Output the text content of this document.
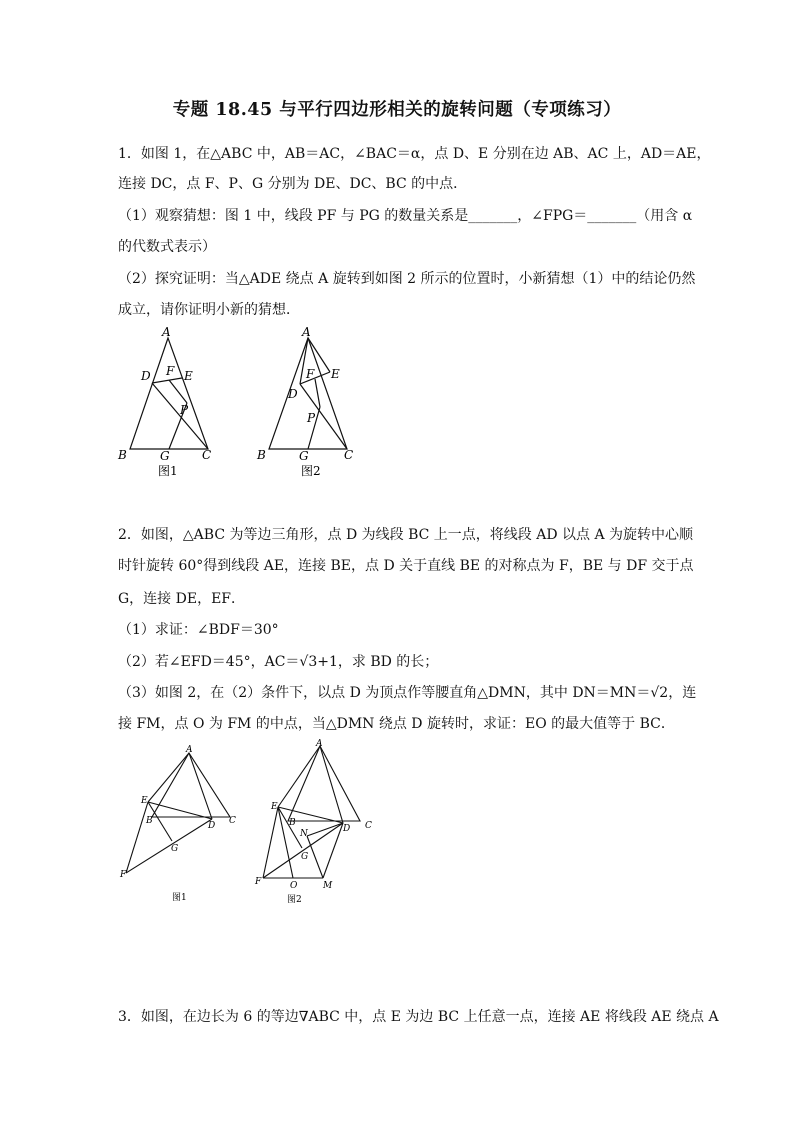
专题 18.45 与平行四边形相关的旋转问题（专项练习）
1．如图 1，在△ABC 中，AB＝AC，∠BAC＝α，点 D、E 分别在边 AB、AC 上，AD＝AE，
连接 DC，点 F、P、G 分别为 DE、DC、BC 的中点．
（1）观察猜想：图 1 中，线段 PF 与 PG 的数量关系是_______，∠FPG＝_______（用含 α
的代数式表示）
（2）探究证明：当△ADE 绕点 A 旋转到如图 2 所示的位置时，小新猜想（1）中的结论仍然
成立，请你证明小新的猜想．
A
D F E
P
B	G	C
图1
A
F E
D
P
B	G	C
图2
2．如图，△ABC 为等边三角形，点 D 为线段 BC 上一点，将线段 AD 以点 A 为旋转中心顺
时针旋转 60°得到线段 AE，连接 BE，点 D 关于直线 BE 的对称点为 F，BE 与 DF 交于点
G，连接 DE，EF．
（1）求证：∠BDF＝30°
（2）若∠EFD＝45°，AC＝√3+1，求 BD 的长；
（3）如图 2，在（2）条件下，以点 D 为顶点作等腰直角△DMN，其中 DN＝MN＝√2，连
接 FM，点 O 为 FM 的中点，当△DMN 绕点 D 旋转时，求证：EO 的最大值等于 BC．
A
E
B	D C
G
F
图1
A
E
B
N	D C
G
F	O	M
图2
3．如图，在边长为 6 的等边∇ABC 中，点 E 为边 BC 上任意一点，连接 AE 将线段 AE 绕点 A
